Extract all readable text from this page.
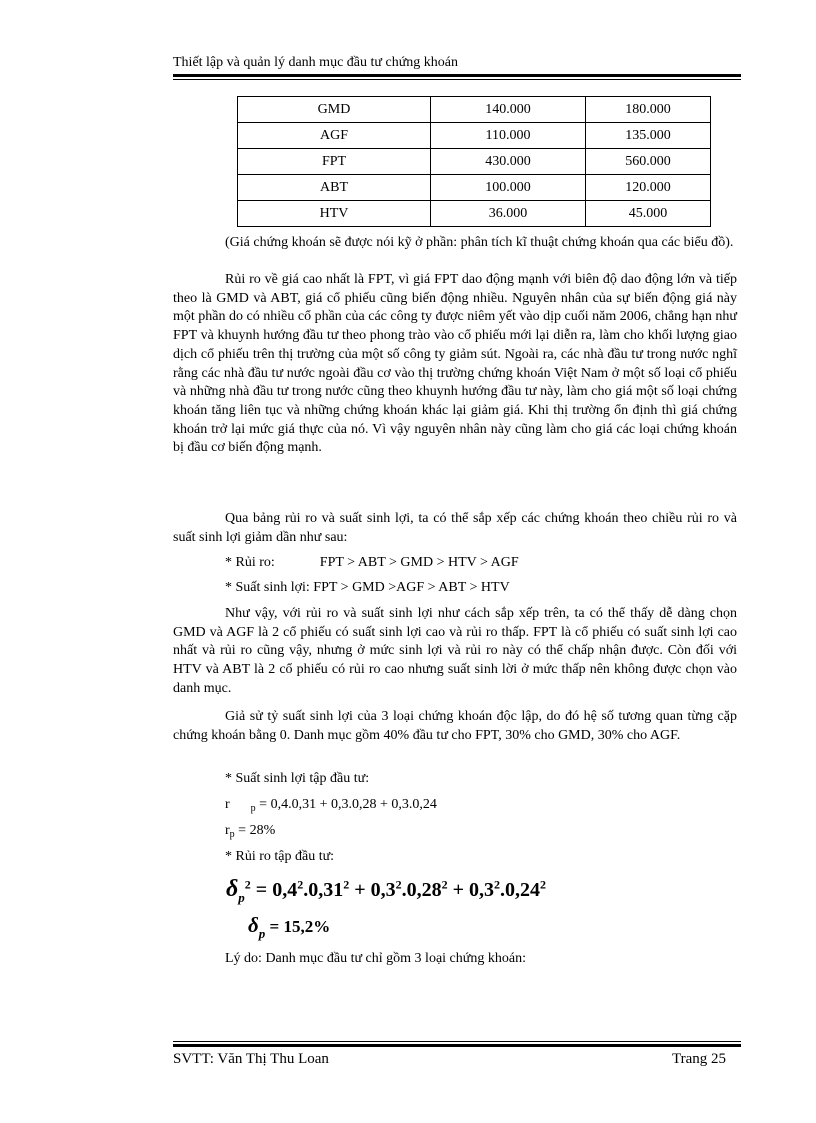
Thiết lập và quản lý danh mục đầu tư chứng khoán
GMD	140.000	180.000
AGF	110.000	135.000
FPT	430.000	560.000
ABT	100.000	120.000
HTV	36.000	45.000

(Giá chứng khoán sẽ được nói kỹ ở phần: phân tích kĩ thuật chứng khoán qua các biểu đồ).

Rủi ro về giá cao nhất là FPT, vì giá FPT dao động mạnh với biên độ dao động lớn và tiếp theo là GMD và ABT, giá cổ phiếu cũng biến động nhiều. Nguyên nhân của sự biến động giá này một phần do có nhiều cổ phần của các công ty được niêm yết vào dịp cuối năm 2006, chẳng hạn như FPT và khuynh hướng đầu tư theo phong trào vào cổ phiếu mới lại diễn ra, làm cho khối lượng giao dịch cổ phiếu trên thị trường của một số công ty giảm sút. Ngoài ra, các nhà đầu tư trong nước nghĩ rằng các nhà đầu tư nước ngoài đầu cơ vào thị trường chứng khoán Việt Nam ở một số loại cổ phiếu và những nhà đầu tư trong nước cũng theo khuynh hướng đầu tư này, làm cho giá một số loại chứng khoán tăng liên tục và những chứng khoán khác lại giảm giá. Khi thị trường ổn định thì giá chứng khoán trở lại mức giá thực của nó. Vì vậy nguyên nhân này cũng làm cho giá các loại chứng khoán bị đầu cơ biến động mạnh.

Qua bảng rủi ro và suất sinh lợi, ta có thể sắp xếp các chứng khoán theo chiều rủi ro và suất sinh lợi giảm dần như sau:

* Rủi ro:	FPT > ABT > GMD > HTV > AGF
* Suất sinh lợi: FPT > GMD >AGF > ABT > HTV

Như vậy, với rủi ro và suất sinh lợi như cách sắp xếp trên, ta có thể thấy dễ dàng chọn GMD và AGF là 2 cổ phiếu có suất sinh lợi cao và rủi ro thấp. FPT là cổ phiếu có suất sinh lợi cao nhất và rủi ro cũng vậy, nhưng ở mức sinh lợi và rủi ro này có thể chấp nhận được. Còn đối với HTV và ABT là 2 cổ phiếu có rủi ro cao nhưng suất sinh lời ở mức thấp nên không được chọn vào danh mục.

Giả sử tỷ suất sinh lợi của 3 loại chứng khoán độc lập, do đó hệ số tương quan từng cặp chứng khoán bằng 0. Danh mục gồm 40% đầu tư cho FPT, 30% cho GMD, 30% cho AGF.

* Suất sinh lợi tập đầu tư:
r $_p$ = 0,4.0,31 + 0,3.0,28 + 0,3.0,24
$r_p = 28\%$
* Rủi ro tập đầu tư:
$\delta_p^2 = 0,4^2.0,31^2 + 0,3^2.0,28^2 + 0,3^2.0,24^2$
$\delta_p = 15,2\%$
Lý do: Danh mục đầu tư chỉ gồm 3 loại chứng khoán:
SVTT: Văn Thị Thu Loan	Trang 25
